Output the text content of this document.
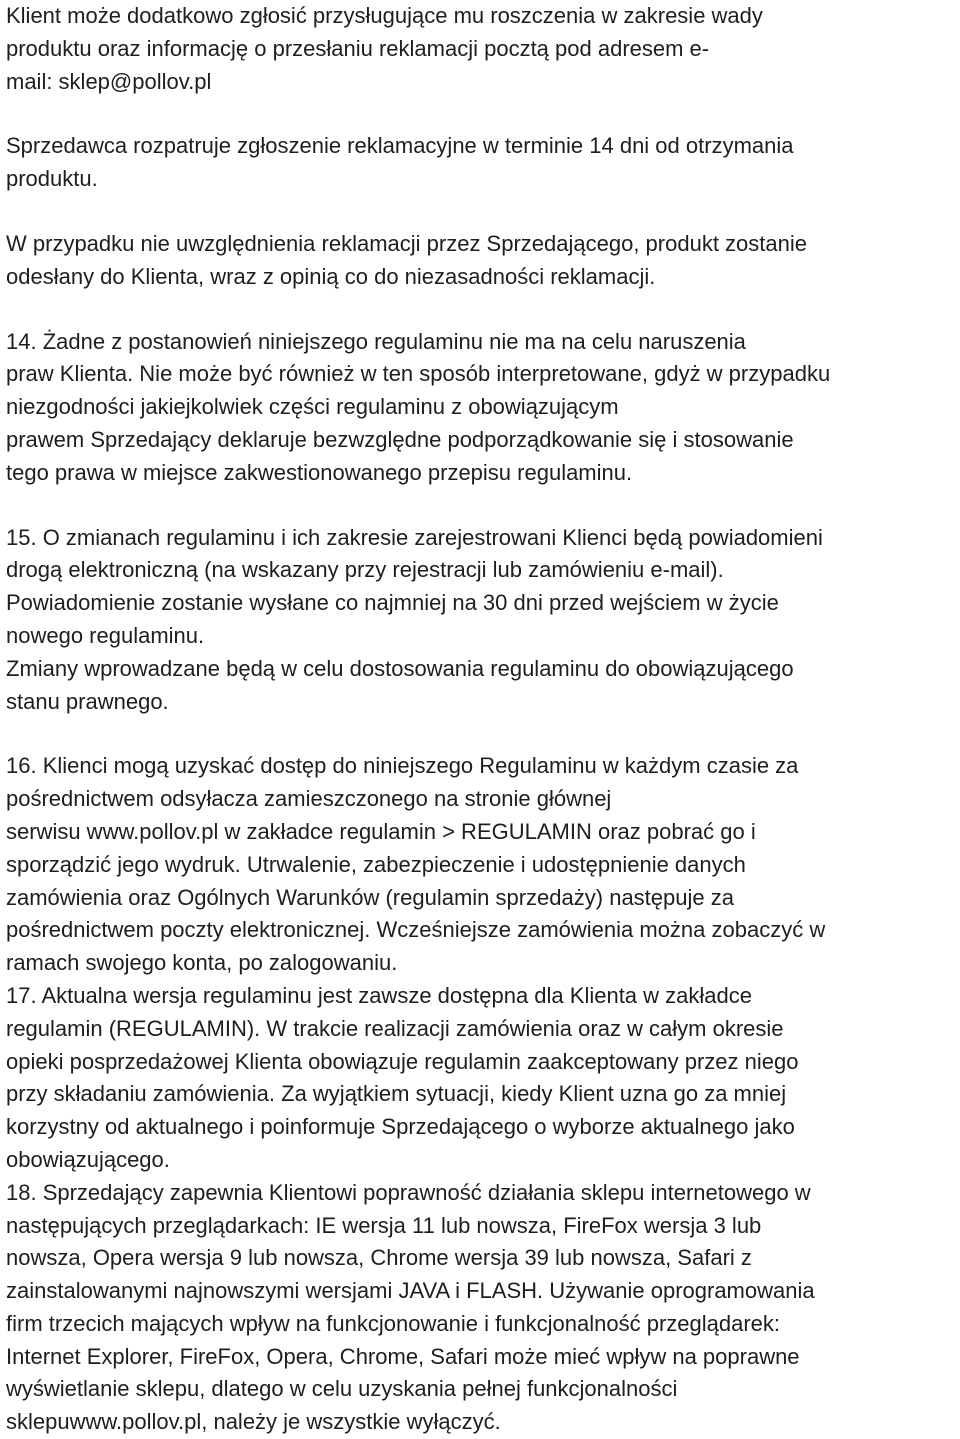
Klient może dodatkowo zgłosić przysługujące mu roszczenia w zakresie wady
produktu oraz informację o przesłaniu reklamacji pocztą pod adresem e-
mail: sklep@pollov.pl
Sprzedawca rozpatruje zgłoszenie reklamacyjne w terminie 14 dni od otrzymania
produktu.
W przypadku nie uwzględnienia reklamacji przez Sprzedającego, produkt zostanie
odesłany do Klienta, wraz z opinią co do niezasadności reklamacji.
14. Żadne z postanowień niniejszego regulaminu nie ma na celu naruszenia
praw Klienta. Nie może być również w ten sposób interpretowane, gdyż w przypadku
niezgodności jakiejkolwiek części regulaminu z obowiązującym
prawem Sprzedający deklaruje bezwzględne podporządkowanie się i stosowanie
tego prawa w miejsce zakwestionowanego przepisu regulaminu.
15. O zmianach regulaminu i ich zakresie zarejestrowani Klienci będą powiadomieni
drogą elektroniczną (na wskazany przy rejestracji lub zamówieniu e-mail).
Powiadomienie zostanie wysłane co najmniej na 30 dni przed wejściem w życie
nowego regulaminu.
Zmiany wprowadzane będą w celu dostosowania regulaminu do obowiązującego
stanu prawnego.
16. Klienci mogą uzyskać dostęp do niniejszego Regulaminu w każdym czasie za
pośrednictwem odsyłacza zamieszczonego na stronie głównej
serwisu www.pollov.pl w zakładce regulamin > REGULAMIN oraz pobrać go i
sporządzić jego wydruk. Utrwalenie, zabezpieczenie i udostępnienie danych
zamówienia oraz Ogólnych Warunków (regulamin sprzedaży) następuje za
pośrednictwem poczty elektronicznej. Wcześniejsze zamówienia można zobaczyć w
ramach swojego konta, po zalogowaniu.
17. Aktualna wersja regulaminu jest zawsze dostępna dla Klienta w zakładce
regulamin (REGULAMIN). W trakcie realizacji zamówienia oraz w całym okresie
opieki posprzedażowej Klienta obowiązuje regulamin zaakceptowany przez niego
przy składaniu zamówienia. Za wyjątkiem sytuacji, kiedy Klient uzna go za mniej
korzystny od aktualnego i poinformuje Sprzedającego o wyborze aktualnego jako
obowiązującego.
18. Sprzedający zapewnia Klientowi poprawność działania sklepu internetowego w
następujących przeglądarkach: IE wersja 11 lub nowsza, FireFox wersja 3 lub
nowsza, Opera wersja 9 lub nowsza, Chrome wersja 39 lub nowsza, Safari z
zainstalowanymi najnowszymi wersjami JAVA i FLASH. Używanie oprogramowania
firm trzecich mających wpływ na funkcjonowanie i funkcjonalność przeglądarek:
Internet Explorer, FireFox, Opera, Chrome, Safari może mieć wpływ na poprawne
wyświetlanie sklepu, dlatego w celu uzyskania pełnej funkcjonalności
sklepuwww.pollov.pl, należy je wszystkie wyłączyć.
